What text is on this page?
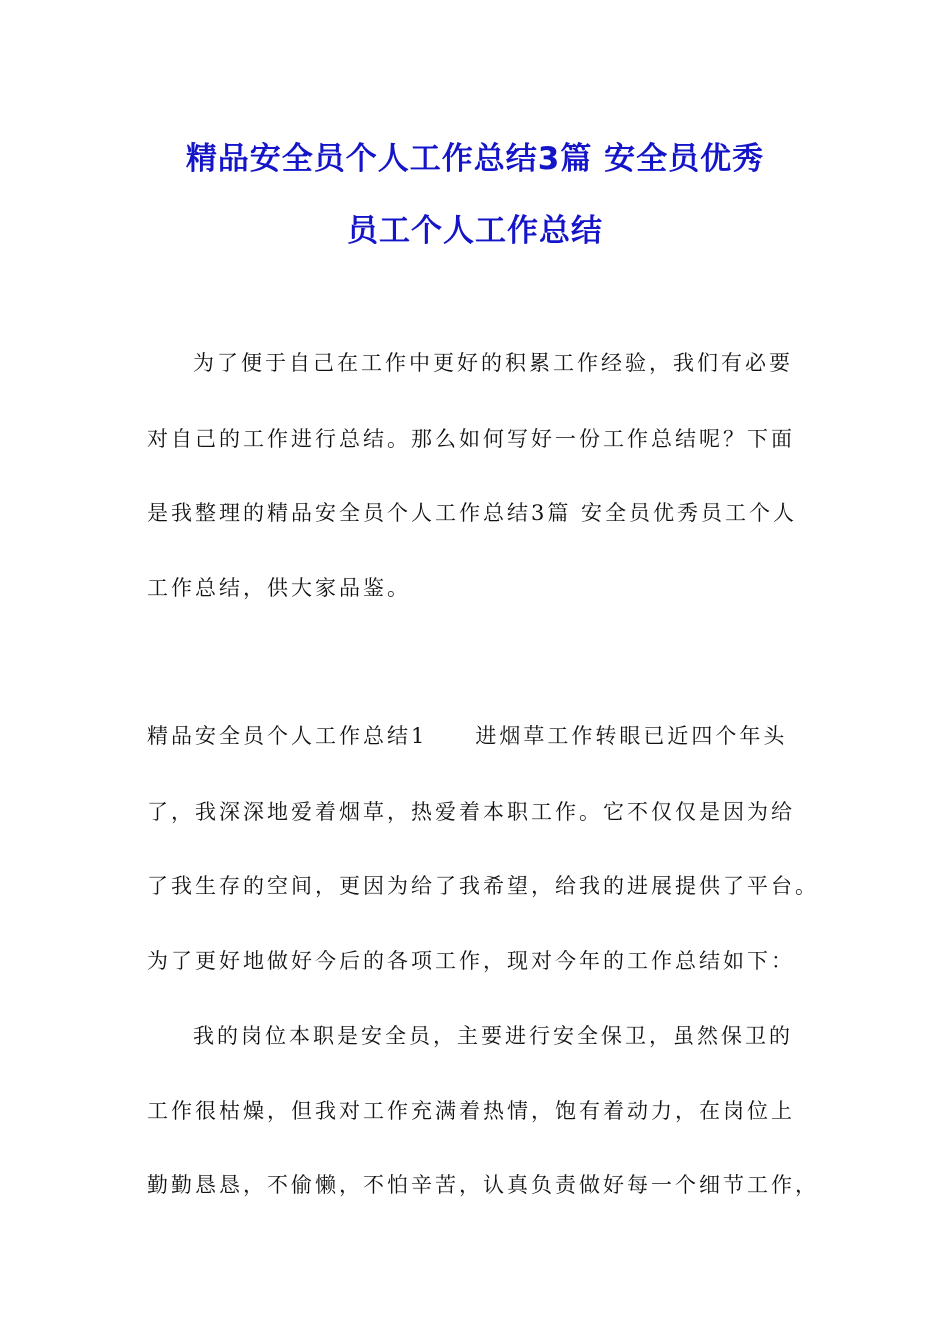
精品安全员个人工作总结3篇 安全员优秀
员工个人工作总结
为了便于自己在工作中更好的积累工作经验，我们有必要
对自己的工作进行总结。那么如何写好一份工作总结呢？下面
是我整理的精品安全员个人工作总结3篇 安全员优秀员工个人
工作总结，供大家品鉴。
精品安全员个人工作总结1　　进烟草工作转眼已近四个年头
了，我深深地爱着烟草，热爱着本职工作。它不仅仅是因为给
了我生存的空间，更因为给了我希望，给我的进展提供了平台。
为了更好地做好今后的各项工作，现对今年的工作总结如下：
我的岗位本职是安全员，主要进行安全保卫，虽然保卫的
工作很枯燥，但我对工作充满着热情，饱有着动力，在岗位上
勤勤恳恳，不偷懒，不怕辛苦，认真负责做好每一个细节工作，
